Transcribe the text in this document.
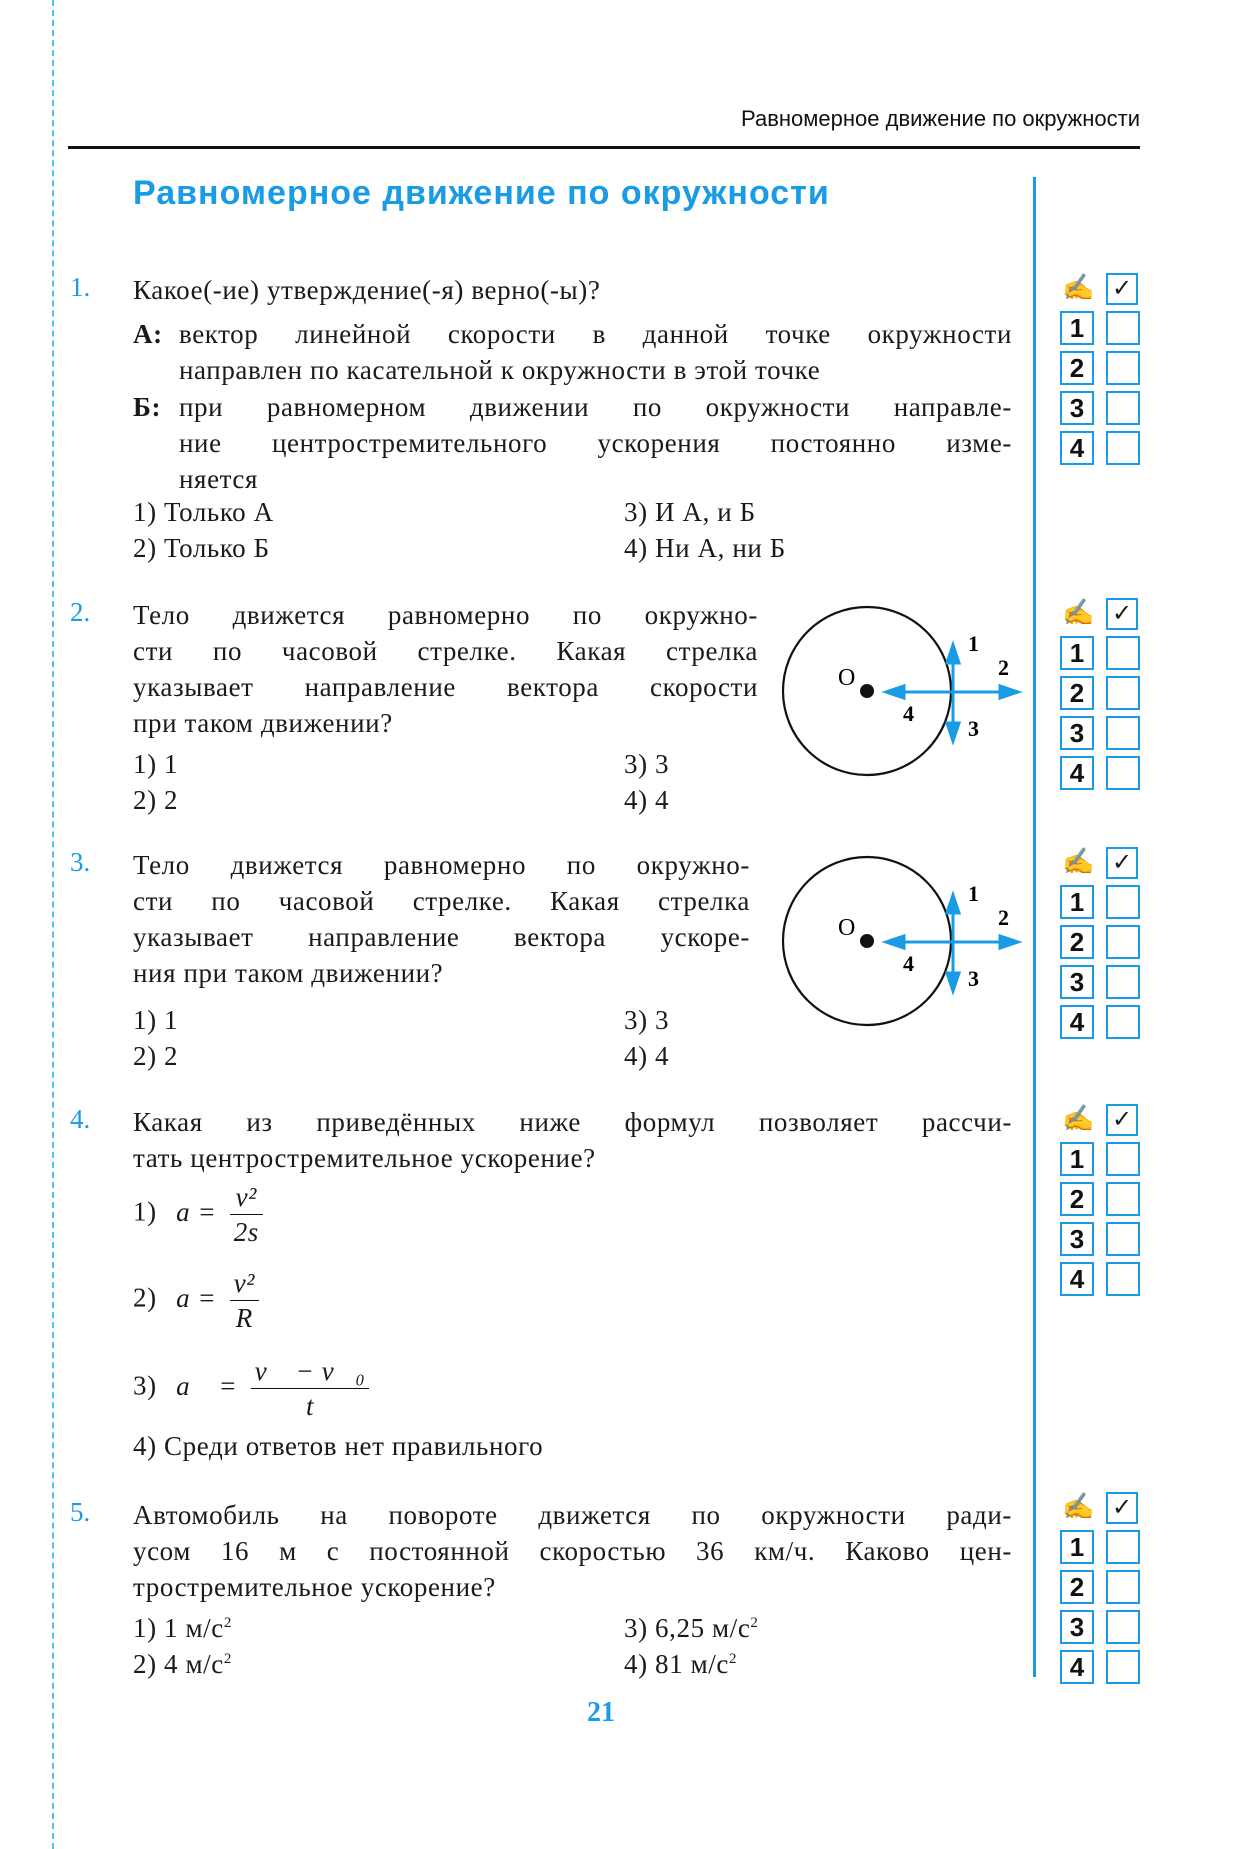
Равномерное движение по окружности
Равномерное движение по окружности
1. Какое(-ие) утверждение(-я) верно(-ы)?
А: вектор линейной скорости в данной точке окружности
направлен по касательной к окружности в этой точке
Б: при равномерном движении по окружности направле-
ние центростремительного ускорения постоянно изме-
няется
1) Только А
2) Только Б
3) И А, и Б
4) Ни А, ни Б
2. Тело движется равномерно по окружно-
сти по часовой стрелке. Какая стрелка
указывает направление вектора скорости
при таком движении?
1) 1
2) 2
3) 3
4) 4
3. Тело движется равномерно по окружно-
сти по часовой стрелке. Какая стрелка
указывает направление вектора ускоре-
ния при таком движении?
1) 1
2) 2
3) 3
4) 4
O
1
2
3
4
O
1
2
3
4
4. Какая из приведённых ниже формул позволяет рассчи-
тать центростремительное ускорение?
1) $a = \frac{\text{v²}}{2s}$
2) $a = \frac{\text{v²}}{R}$
3) a⃗ = $\frac{\text{v⃗ − v⃗₀}}{t}$
4) Среди ответов нет правильного
5. Автомобиль на повороте движется по окружности ради-
усом 16 м с постоянной скоростью 36 км/ч. Каково цен-
тростремительное ускорение?
1) 1 $м/с^2$
2) 4 $м/с^2$
3) 6,25 $м/с^2$
4) 81 $м/с^2$
✍ ✓
1
2
3
4
✍ ✓
1
2
3
4
✍ ✓
1
2
3
4
✍ ✓
1
2
3
4
✍ ✓
1
2
3
4
21
